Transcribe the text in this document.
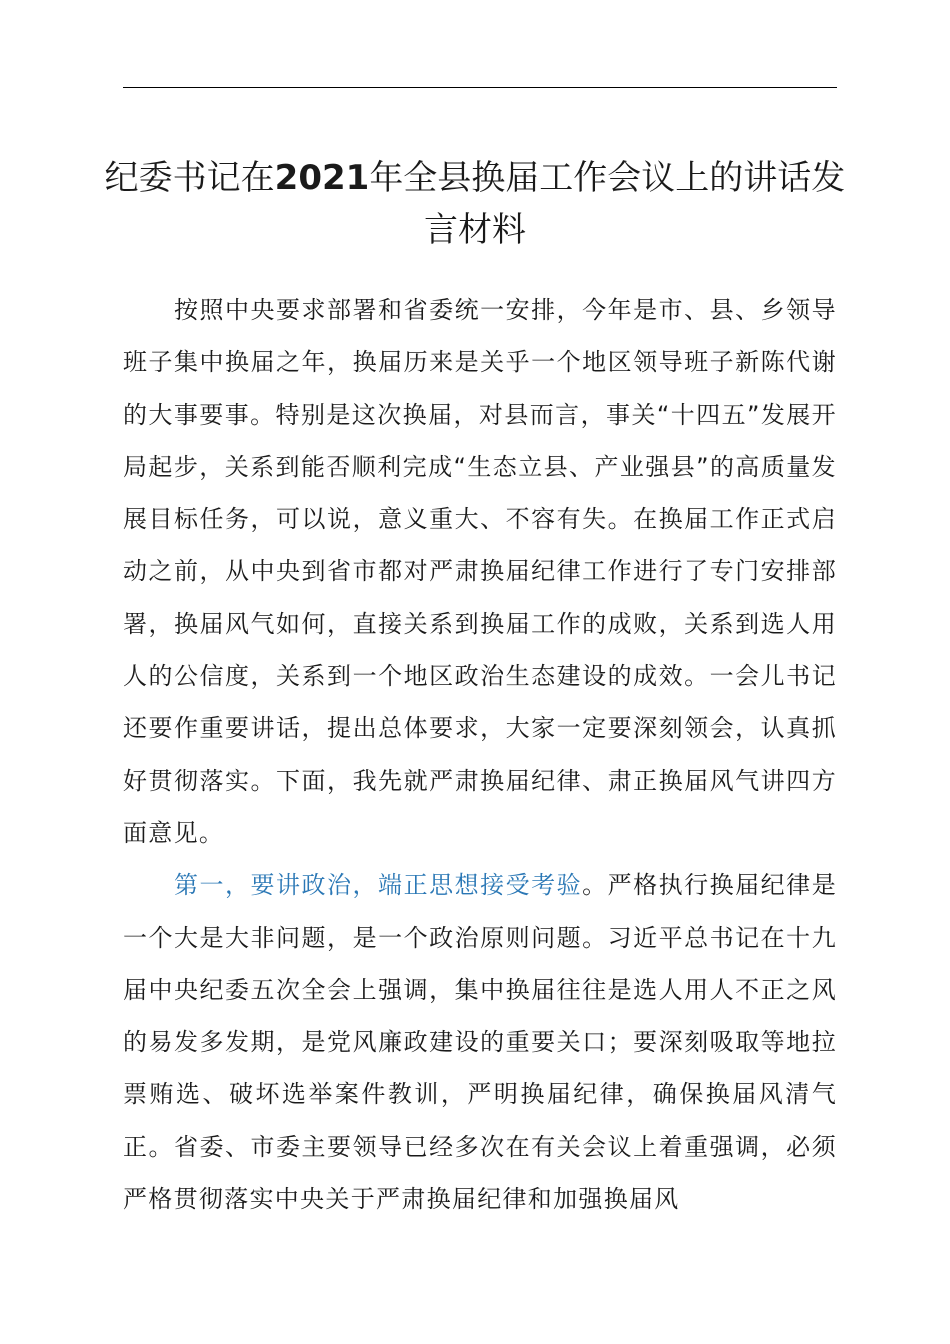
纪委书记在2021年全县换届工作会议上的讲话发言材料

按照中央要求部署和省委统一安排，今年是市、县、乡领导班子集中换届之年，换届历来是关乎一个地区领导班子新陈代谢的大事要事。特别是这次换届，对县而言，事关“十四五”发展开局起步，关系到能否顺利完成“生态立县、产业强县”的高质量发展目标任务，可以说，意义重大、不容有失。在换届工作正式启动之前，从中央到省市都对严肃换届纪律工作进行了专门安排部署，换届风气如何，直接关系到换届工作的成败，关系到选人用人的公信度，关系到一个地区政治生态建设的成效。一会儿书记还要作重要讲话，提出总体要求，大家一定要深刻领会，认真抓好贯彻落实。下面，我先就严肃换届纪律、肃正换届风气讲四方面意见。

第一，要讲政治，端正思想接受考验。严格执行换届纪律是一个大是大非问题，是一个政治原则问题。习近平总书记在十九届中央纪委五次全会上强调，集中换届往往是选人用人不正之风的易发多发期，是党风廉政建设的重要关口；要深刻吸取等地拉票贿选、破坏选举案件教训，严明换届纪律，确保换届风清气正。省委、市委主要领导已经多次在有关会议上着重强调，必须严格贯彻落实中央关于严肃换届纪律和加强换届风
